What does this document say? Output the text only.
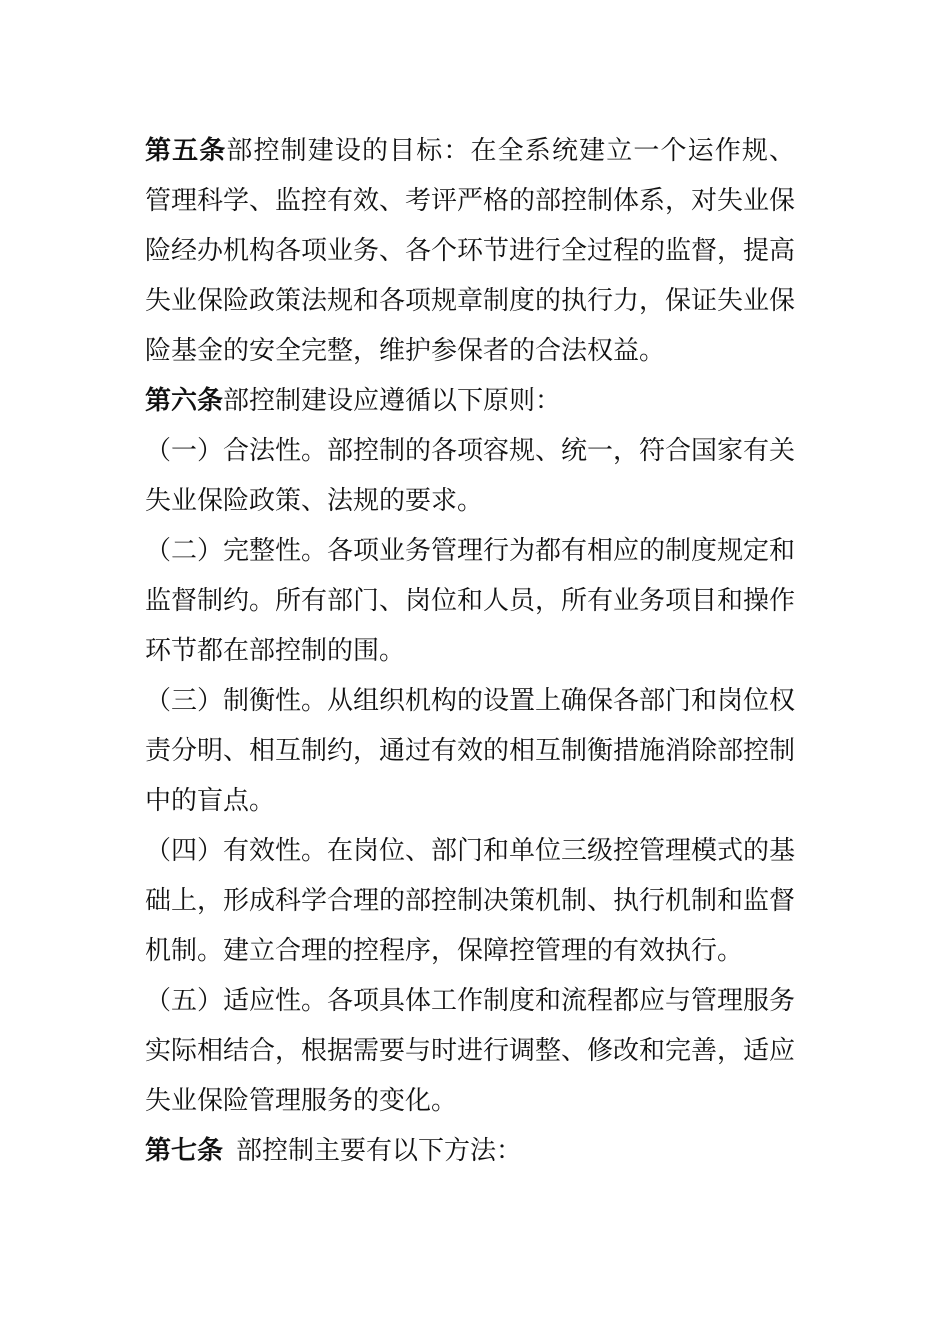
第五条部控制建设的目标：在全系统建立一个运作规、管理科学、监控有效、考评严格的部控制体系，对失业保险经办机构各项业务、各个环节进行全过程的监督，提高失业保险政策法规和各项规章制度的执行力，保证失业保险基金的安全完整，维护参保者的合法权益。

第六条部控制建设应遵循以下原则：

（一）合法性。部控制的各项容规、统一，符合国家有关失业保险政策、法规的要求。

（二）完整性。各项业务管理行为都有相应的制度规定和监督制约。所有部门、岗位和人员，所有业务项目和操作环节都在部控制的围。

（三）制衡性。从组织机构的设置上确保各部门和岗位权责分明、相互制约，通过有效的相互制衡措施消除部控制中的盲点。

（四）有效性。在岗位、部门和单位三级控管理模式的基础上，形成科学合理的部控制决策机制、执行机制和监督机制。建立合理的控程序，保障控管理的有效执行。

（五）适应性。各项具体工作制度和流程都应与管理服务实际相结合，根据需要与时进行调整、修改和完善，适应失业保险管理服务的变化。

第七条 部控制主要有以下方法：
